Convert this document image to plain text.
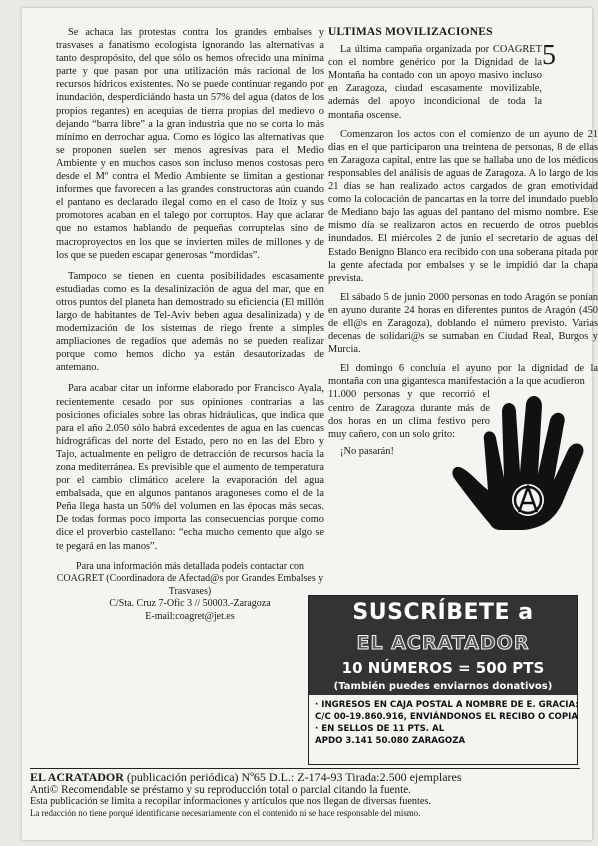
Se achaca las protestas contra los grandes embalses y trasvases a fanatismo ecologista ignorando las alternativas a tanto despropósito, del que sólo os hemos ofrecido una mínima parte y que pasan por una utilización más racional de los recursos hídricos existentes. No se puede continuar regando por inundación, desperdiciándo hasta un 57% del agua (datos de los propios regantes) en acequias de tierra propias del medievo o dejando “barra libre” a la gran industria que no se corta lo más mínimo en derrochar agua. Como es lógico las alternativas que se proponen suelen ser menos agresivas para el Medio Ambiente y en muchos casos son incluso menos costosas pero desde el Mº contra el Medio Ambiente se limitan a gestionar informes que favorecen a las grandes constructoras aún cuando el pantano es declarado ilegal como en el caso de Itoiz y sus promotores acaban en el talego por corruptos. Hay que aclarar que no estamos hablando de pequeñas corruptelas sino de macroproyectos en los que se invierten miles de millones y de los que se pueden escapar generosas “mordidas”.

Tampoco se tienen en cuenta posibilidades escasamente estudiadas como es la desalinización de agua del mar, que en otros puntos del planeta han demostrado su eficiencia (El millón largo de habitantes de Tel-Aviv beben agua desalinizada) y de modernización de los sistemas de riego frente a simples ampliaciones de regadíos que además no se pueden realizar porque como hemos dicho ya están desautorizadas de antemano.

Para acabar citar un informe elaborado por Francisco Ayala, recientemente cesado por sus opiniones contrarias a las posiciones oficiales sobre las obras hidráulicas, que indica que para el año 2.050 sólo habrá excedentes de agua en las cuencas hidrográficas del norte del Estado, pero no en las del Ebro y Tajo, actualmente en peligro de detracción de recursos hacia la zona mediterránea. Es previsible que el aumento de temperatura por el cambio climático acelere la evaporación del agua embalsada, que en algunos pantanos aragoneses como el de la Peña llega hasta un 50% del volumen en las épocas más secas. De todas formas poco importa las consecuencias porque como dice el proverbio castellano: “echa mucho cemento que algo se te pegará en las manos”.

Para una información más detallada podeis contactar con COAGRET (Coordinadora de Afectad@s por Grandes Embalses y Trasvases)
C/Sta. Cruz 7-Ofic 3 // 50003.-Zaragoza
E-mail:coagret@jet.es
5
ULTIMAS MOVILIZACIONES

La última campaña organizada por COAGRET con el nombre genérico por la Dignidad de la Montaña ha contado con un apoyo masivo incluso en Zaragoza, ciudad escasamente movilizable, además del apoyo incondicional de toda la montaña oscense.

Comenzaron los actos con el comienzo de un ayuno de 21 dias en el que participaron una treintena de personas, 8 de ellas en Zaragoza capital, entre las que se hallaba uno de los médicos responsables del análisis de aguas de Zaragoza. A lo largo de los 21 días se han realizado actos cargados de gran emotividad como la colocación de pancartas en la torre del inundado pueblo de Mediano bajo las aguas del pantano del mismo nombre. Ese mismo día se realizaron actos en recuerdo de otros pueblos inundados. El miércoles 2 de junio el secretario de aguas del Estado Benigno Blanco era recibido con una soberana pitada por la gente afectada por embalses y se le impidió dar la chapa prevista.

El sábado 5 de junio 2000 personas en todo Aragón se ponían en ayuno durante 24 horas en diferentes puntos de Aragón (450 de ell@s en Zaragoza), doblando el número previsto. Varias decenas de solidari@s se sumaban en Ciudad Real, Burgos y Murcia.

El domingo 6 concluía el ayuno por la dignidad de la montaña con una gigantesca manifestación a la que acudieron

11.000 personas y que recorrió el centro de Zaragoza durante más de dos horas en un clima festivo pero muy cañero, con un solo grito:
¡No pasarán!
SUSCRÍBETE a
EL ACRATADOR
10 NÚMEROS = 500 PTS
(También puedes enviarnos donativos)
· INGRESOS EN CAJA POSTAL A NOMBRE DE E. GRACIA:
C/C 00-19.860.916, ENVIÁNDONOS EL RECIBO O COPIA
· EN SELLOS DE 11 PTS. AL
APDO 3.141 50.080 ZARAGOZA
EL ACRATADOR (publicación periódica) Nº65 D.L.: Z-174-93 Tirada:2.500 ejemplares
Anti© Recomendable se préstamo y su reproducción total o parcial citando la fuente.
Esta publicación se limita a recopilar informaciones y artículos que nos llegan de diversas fuentes.
La redacción no tiene porqué identificarse necesariamente con el contenido ni se hace responsable del mismo.
